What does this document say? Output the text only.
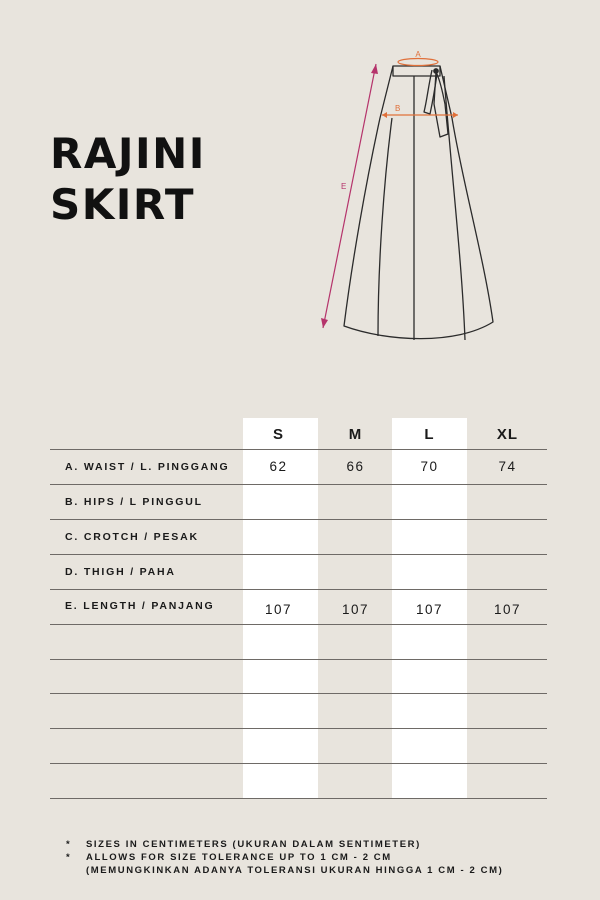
RAJINI
SKIRT
A
B
E
S	M	L	XL
A. WAIST / L. PINGGANG	62	66	70	74
B. HIPS / L PINGGUL
C. CROTCH / PESAK
D. THIGH / PAHA
E. LENGTH / PANJANG	107	107	107	107
* SIZES IN CENTIMETERS (UKURAN DALAM SENTIMETER)
* ALLOWS FOR SIZE TOLERANCE UP TO 1 CM - 2 CM
(MEMUNGKINKAN ADANYA TOLERANSI UKURAN HINGGA 1 CM - 2 CM)
